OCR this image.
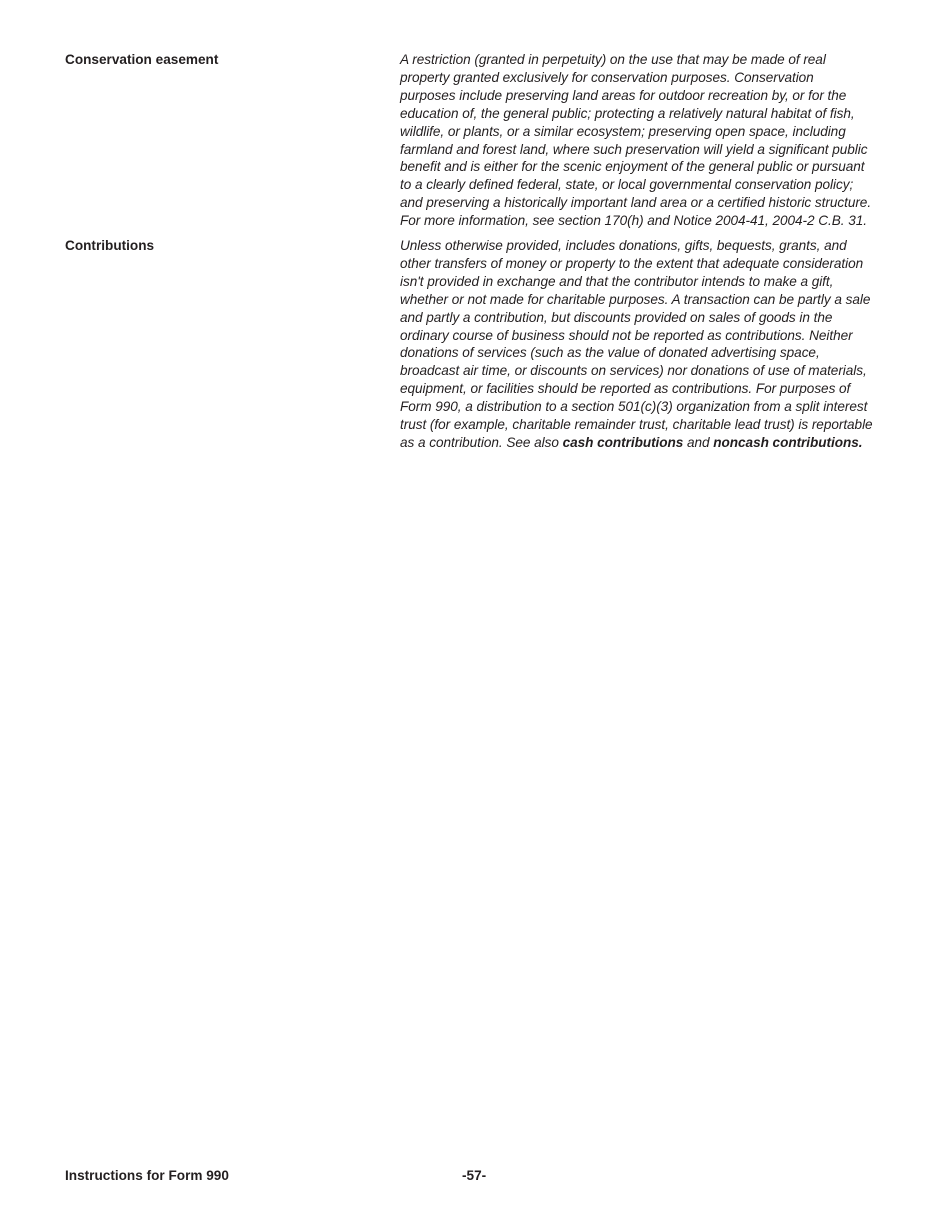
Conservation easement	A restriction (granted in perpetuity) on the use that may be made of real
property granted exclusively for conservation purposes. Conservation
purposes include preserving land areas for outdoor recreation by, or for the
education of, the general public; protecting a relatively natural habitat of fish,
wildlife, or plants, or a similar ecosystem; preserving open space, including
farmland and forest land, where such preservation will yield a significant public
benefit and is either for the scenic enjoyment of the general public or pursuant
to a clearly defined federal, state, or local governmental conservation policy;
and preserving a historically important land area or a certified historic structure.
For more information, see section 170(h) and Notice 2004-41, 2004-2 C.B. 31.

Contributions	Unless otherwise provided, includes donations, gifts, bequests, grants, and
other transfers of money or property to the extent that adequate consideration
isn't provided in exchange and that the contributor intends to make a gift,
whether or not made for charitable purposes. A transaction can be partly a sale
and partly a contribution, but discounts provided on sales of goods in the
ordinary course of business should not be reported as contributions. Neither
donations of services (such as the value of donated advertising space,
broadcast air time, or discounts on services) nor donations of use of materials,
equipment, or facilities should be reported as contributions. For purposes of
Form 990, a distribution to a section 501(c)(3) organization from a split interest
trust (for example, charitable remainder trust, charitable lead trust) is reportable
as a contribution. See also cash contributions and noncash contributions.

Instructions for Form 990	-57-
